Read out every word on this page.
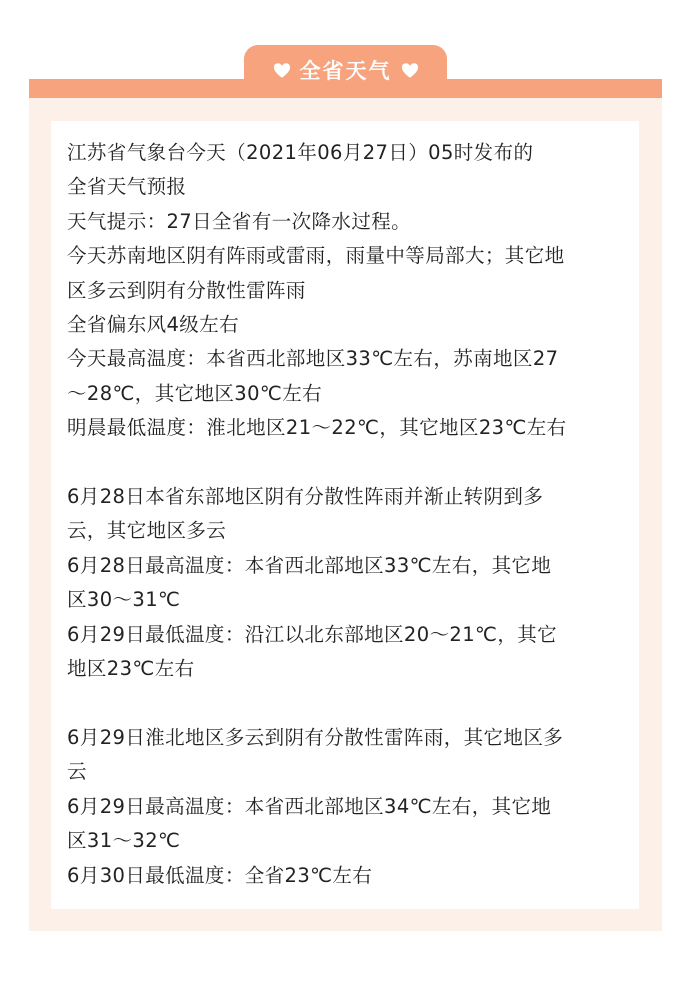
全省天气
江苏省气象台今天（2021年06月27日）05时发布的
全省天气预报
天气提示：27日全省有一次降水过程。
今天苏南地区阴有阵雨或雷雨，雨量中等局部大；其它地
区多云到阴有分散性雷阵雨
全省偏东风4级左右
今天最高温度：本省西北部地区33℃左右，苏南地区27
～28℃，其它地区30℃左右
明晨最低温度：淮北地区21～22℃，其它地区23℃左右
6月28日本省东部地区阴有分散性阵雨并渐止转阴到多
云，其它地区多云
6月28日最高温度：本省西北部地区33℃左右，其它地
区30～31℃
6月29日最低温度：沿江以北东部地区20～21℃，其它
地区23℃左右
6月29日淮北地区多云到阴有分散性雷阵雨，其它地区多
云
6月29日最高温度：本省西北部地区34℃左右，其它地
区31～32℃
6月30日最低温度：全省23℃左右
